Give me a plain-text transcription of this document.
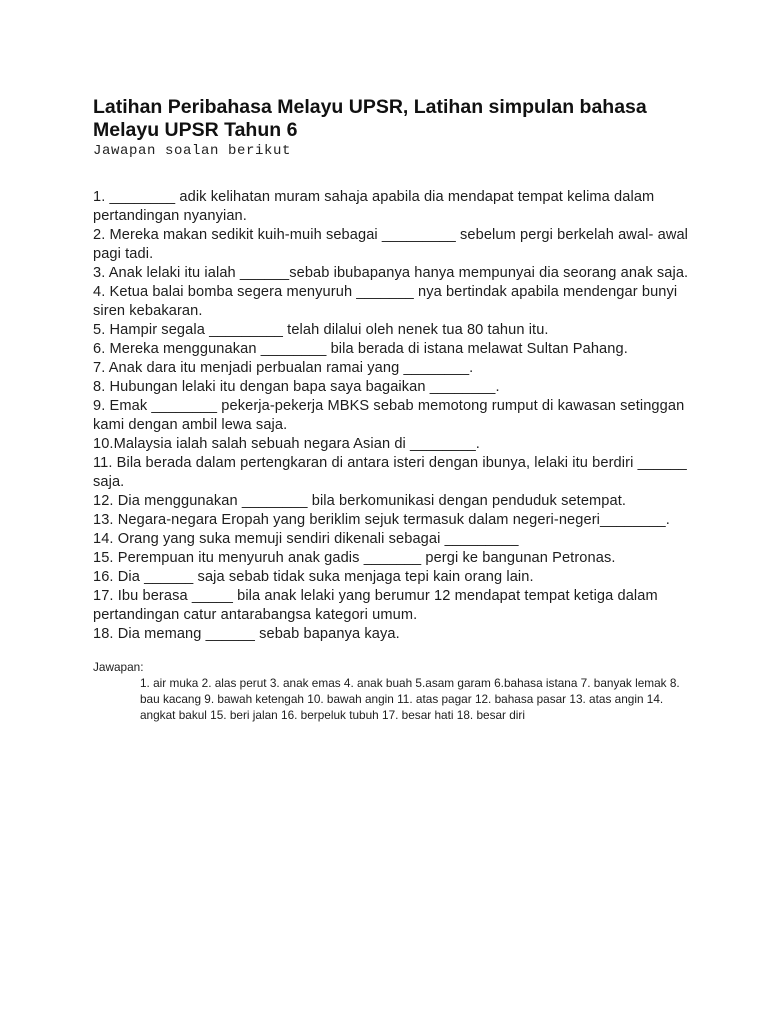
Latihan Peribahasa Melayu UPSR, Latihan simpulan bahasa Melayu UPSR Tahun 6
Jawapan soalan berikut
1. ________ adik kelihatan muram sahaja apabila dia mendapat tempat kelima dalam pertandingan nyanyian.
2. Mereka makan sedikit kuih-muih sebagai _________ sebelum pergi berkelah awal- awal pagi tadi.
3. Anak lelaki itu ialah ______sebab ibubapanya hanya mempunyai dia seorang anak saja.
4. Ketua balai bomba segera menyuruh _______ nya bertindak apabila mendengar bunyi siren kebakaran.
5. Hampir segala _________ telah dilalui oleh nenek tua 80 tahun itu.
6. Mereka menggunakan ________ bila berada di istana melawat Sultan Pahang.
7. Anak dara itu menjadi perbualan ramai yang ________.
8. Hubungan lelaki itu dengan bapa saya bagaikan ________.
9. Emak ________ pekerja-pekerja MBKS sebab memotong rumput di kawasan setinggan kami dengan ambil lewa saja.
10.Malaysia ialah salah sebuah negara Asian di ________.
11. Bila berada dalam pertengkaran di antara isteri dengan ibunya, lelaki itu berdiri ______ saja.
12. Dia menggunakan ________ bila berkomunikasi dengan penduduk setempat.
13. Negara-negara Eropah yang beriklim sejuk termasuk dalam negeri-negeri________.
14. Orang yang suka memuji sendiri dikenali sebagai _________
15. Perempuan itu menyuruh anak gadis _______ pergi ke bangunan Petronas.
16. Dia ______ saja sebab tidak suka menjaga tepi kain orang lain.
17. Ibu berasa _____ bila anak lelaki yang berumur 12 mendapat tempat ketiga dalam pertandingan catur antarabangsa kategori umum.
18. Dia memang ______ sebab bapanya kaya.

Jawapan:

1. air muka 2. alas perut 3. anak emas 4. anak buah 5.asam garam 6.bahasa istana 7. banyak lemak 8. bau kacang 9. bawah ketengah 10. bawah angin 11. atas pagar 12. bahasa pasar 13. atas angin 14. angkat bakul 15. beri jalan 16. berpeluk tubuh 17. besar hati 18. besar diri
